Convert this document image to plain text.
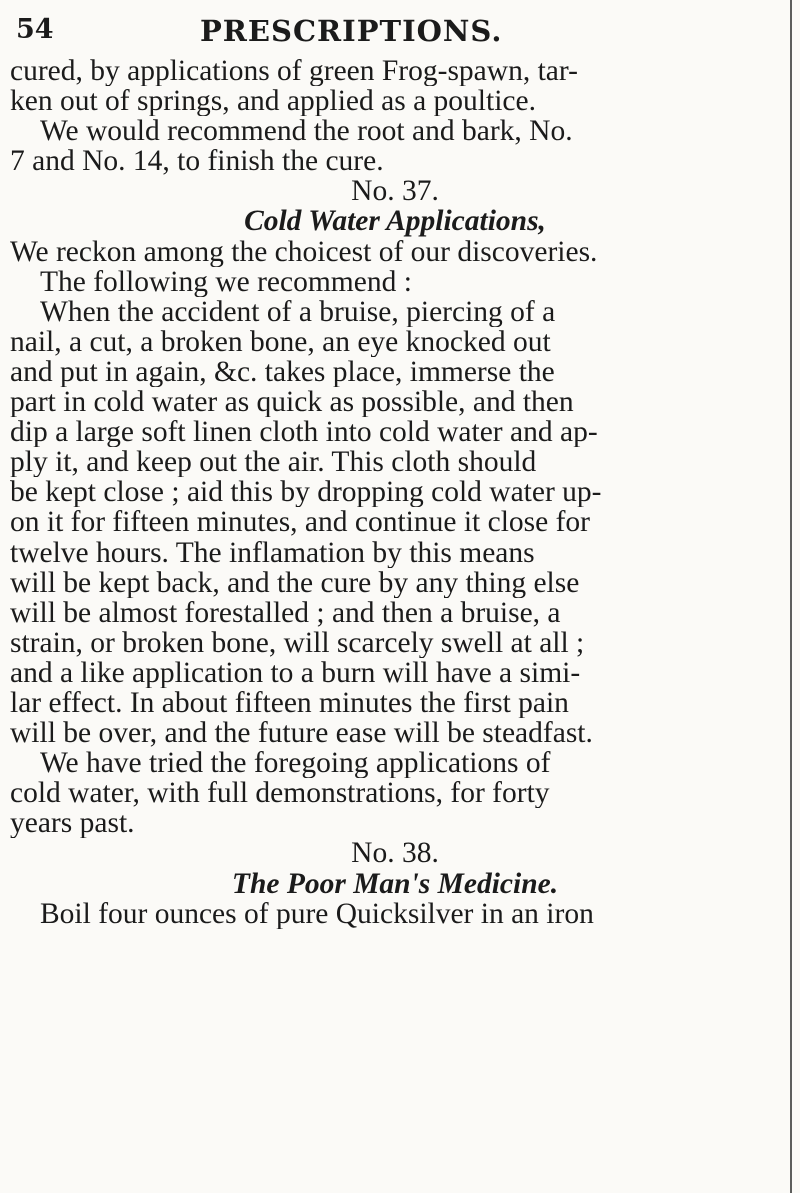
54	PRESCRIPTIONS.
cured, by applications of green Frog-spawn, tar-
ken out of springs, and applied as a poultice.
We would recommend the root and bark, No.
7 and No. 14, to finish the cure.
No. 37.
Cold Water Applications,
We reckon among the choicest of our discoveries.
The following we recommend :
When the accident of a bruise, piercing of a
nail, a cut, a broken bone, an eye knocked out
and put in again, &c. takes place, immerse the
part in cold water as quick as possible, and then
dip a large soft linen cloth into cold water and ap-
ply it, and keep out the air. This cloth should
be kept close ; aid this by dropping cold water up-
on it for fifteen minutes, and continue it close for
twelve hours. The inflamation by this means
will be kept back, and the cure by any thing else
will be almost forestalled ; and then a bruise, a
strain, or broken bone, will scarcely swell at all ;
and a like application to a burn will have a simi-
lar effect. In about fifteen minutes the first pain
will be over, and the future ease will be steadfast.
We have tried the foregoing applications of
cold water, with full demonstrations, for forty
years past.
No. 38.
The Poor Man's Medicine.
Boil four ounces of pure Quicksilver in an iron
